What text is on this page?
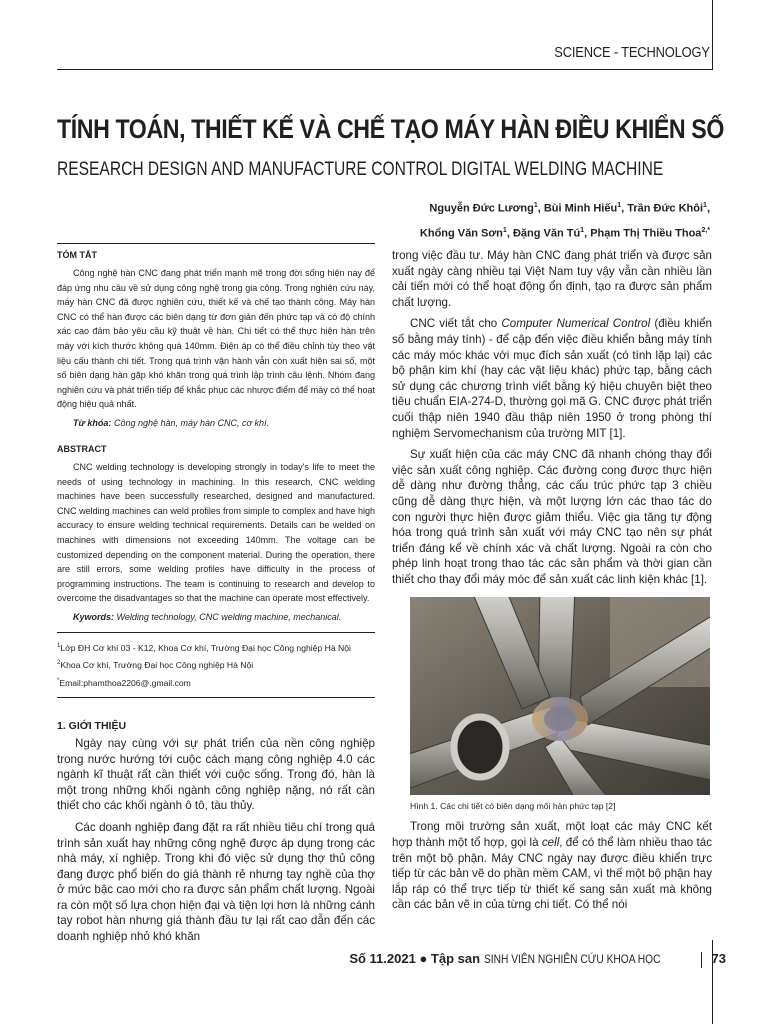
SCIENCE - TECHNOLOGY
TÍNH TOÁN, THIẾT KẾ VÀ CHẾ TẠO MÁY HÀN ĐIỀU KHIỂN SỐ
RESEARCH DESIGN AND MANUFACTURE CONTROL DIGITAL WELDING MACHINE
Nguyễn Đức Lương$^1$, Bùi Minh Hiếu$^1$, Trần Đức Khôi$^1$,
Khổng Văn Sơn$^1$, Đặng Văn $Tú^1$, Phạm Thị Thiều Thoa$^{2,*}$

TÓM TẮT

Công nghệ hàn CNC đang phát triển mạnh mẽ trong đời sống hiện nay để đáp ứng nhu cầu về sử dụng công nghệ trong gia công. Trong nghiên cứu này, máy hàn CNC đã được nghiên cứu, thiết kế và chế tạo thành công. Máy hàn CNC có thể hàn được các biên dạng từ đơn giản đến phức tạp và có độ chính xác cao đảm bảo yêu cầu kỹ thuật về hàn. Chi tiết có thể thực hiện hàn trên máy với kích thước không quá 140mm. Điện áp có thể điều chỉnh tùy theo vật liệu cấu thành chi tiết. Trong quá trình vận hành vẫn còn xuất hiện sai số, một số biên dạng hàn gặp khó khăn trong quá trình lập trình câu lệnh. Nhóm đang nghiên cứu và phát triển tiếp để khắc phục các nhược điểm để máy có thể hoạt động hiệu quả nhất.

Từ khóa: Công nghệ hàn, máy hàn CNC, cơ khí.

ABSTRACT

CNC welding technology is developing strongly in today's life to meet the needs of using technology in machining. In this research, CNC welding machines have been successfully researched, designed and manufactured. CNC welding machines can weld profiles from simple to complex and have high accuracy to ensure welding technical requirements. Details can be welded on machines with dimensions not exceeding 140mm. The voltage can be customized depending on the component material. During the operation, there are still errors, some welding profiles have difficulty in the process of programming instructions. The team is continuing to research and develop to overcome the disadvantages so that the machine can operate most effectively.

Kywords: Welding technology, CNC welding machine, mechanical.

$^1$Lớp ĐH Cơ khí 03 - K12, Khoa Cơ khí, Trường Đại học Công nghiệp Hà Nội

$^2$Khoa Cơ khí, Trường Đại học Công nghiệp Hà Nội

*Email:phamthoa2206@.gmail.com

1. GIỚI THIỆU

Ngày nay cùng với sự phát triển của nền công nghiệp trong nước hướng tới cuộc cách mạng công nghiệp 4.0 các ngành kĩ thuật rất cần thiết với cuộc sống. Trong đó, hàn là một trong những khối ngành công nghiệp nặng, nó rất cần thiết cho các khối ngành ô tô, tàu thủy.

Các doanh nghiệp đang đặt ra rất nhiều tiêu chí trong quá trình sản xuất hay những công nghệ được áp dụng trong các nhà máy, xí nghiệp. Trong khi đó việc sử dụng thợ thủ công đang được phổ biến do giá thành rẻ nhưng tay nghề của thợ ở mức bậc cao mới cho ra được sản phẩm chất lượng. Ngoài ra còn một số lựa chọn hiện đại và tiện lợi hơn là những cánh tay robot hàn nhưng giá thành đầu tư lại rất cao dẫn đến các doanh nghiệp nhỏ khó khăn

trong việc đầu tư. Máy hàn CNC đang phát triển và được sản xuất ngày càng nhiều tại Việt Nam tuy vậy vẫn cần nhiều lần cải tiến mới có thể hoạt động ổn định, tạo ra được sản phẩm chất lượng.

CNC viết tắt cho Computer Numerical Control (điều khiển số bằng máy tính) - để cập đến việc điều khiển bằng máy tính các máy móc khác với mục đích sản xuất (có tính lặp lại) các bộ phận kim khí (hay các vật liệu khác) phức tạp, bằng cách sử dụng các chương trình viết bằng ký hiệu chuyên biệt theo tiêu chuẩn EIA-274-D, thường gọi mã G. CNC được phát triển cuối thập niên 1940 đầu thập niên 1950 ở trong phòng thí nghiệm Servomechanism của trường MIT [1].

Sự xuất hiện của các máy CNC đã nhanh chóng thay đổi việc sản xuất công nghiệp. Các đường cong được thực hiện dễ dàng như đường thẳng, các cấu trúc phức tạp 3 chiều cũng dễ dàng thực hiện, và một lượng lớn các thao tác do con người thực hiện được giảm thiểu. Việc gia tăng tự động hóa trong quá trình sản xuất với máy CNC tạo nên sự phát triển đáng kể về chính xác và chất lượng. Ngoài ra còn cho phép linh hoạt trong thao tác các sản phẩm và thời gian cần thiết cho thay đổi máy móc để sản xuất các linh kiện khác [1].

Hình 1. Các chi tiết có biên dạng mối hàn phức tạp [2]

Trong môi trường sản xuất, một loạt các máy CNC kết hợp thành một tổ hợp, gọi là cell, để có thể làm nhiều thao tác trên một bộ phận. Máy CNC ngày nay được điều khiển trực tiếp từ các bản vẽ do phần mềm CAM, vì thế một bộ phận hay lắp ráp có thể trực tiếp từ thiết kế sang sản xuất mà không cần các bản vẽ in của từng chi tiết. Có thể nói

Số 11.2021 ● Tập san SINH VIÊN NGHIÊN CỨU KHOA HỌC	73
